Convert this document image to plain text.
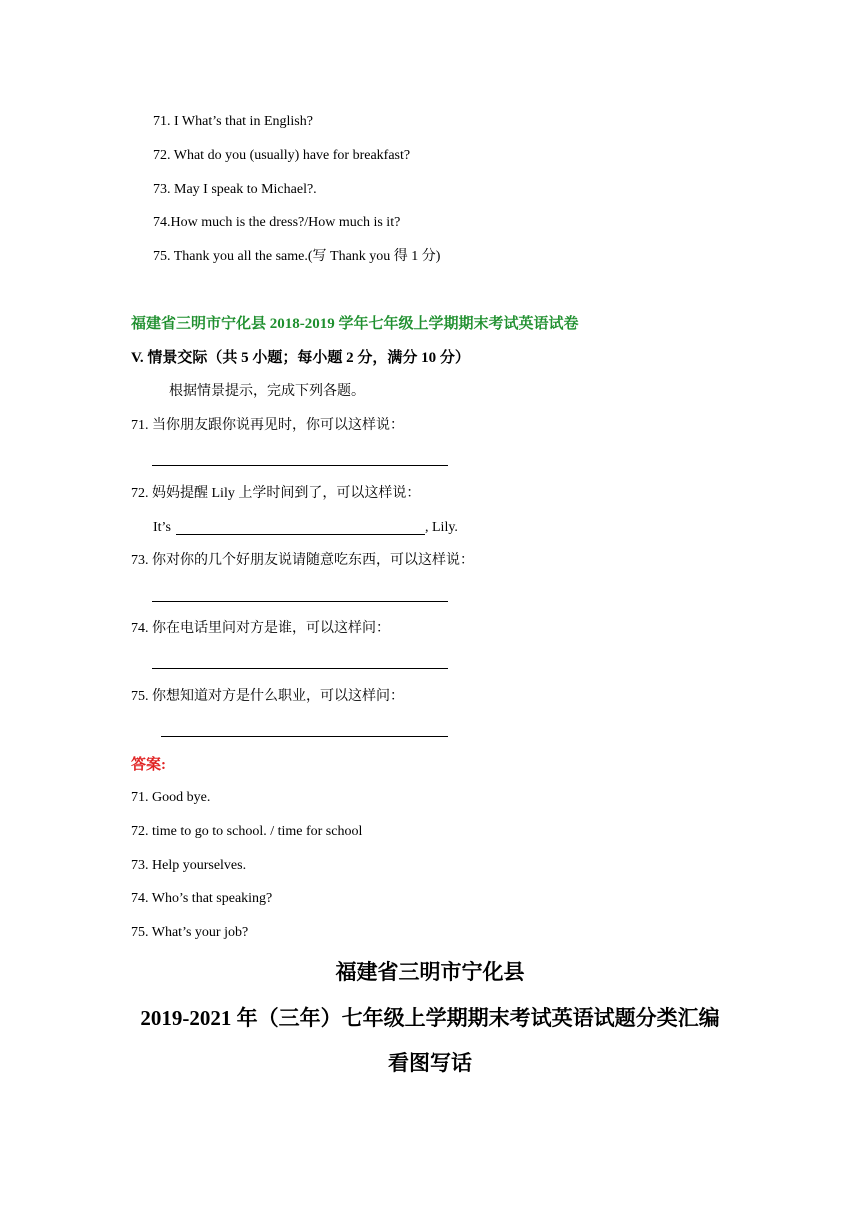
71. I What’s that in English?
72. What do you (usually) have for breakfast?
73. May I speak to Michael?.
74.How much is the dress?/How much is it?
75. Thank you all the same.(写 Thank you 得 1 分)
福建省三明市宁化县 2018-2019 学年七年级上学期期末考试英语试卷
V. 情景交际（共 5 小题；每小题 2 分，满分 10 分）
根据情景提示，完成下列各题。
71. 当你朋友跟你说再见时，你可以这样说：
72. 妈妈提醒 Lily 上学时间到了，可以这样说：
It’s	, Lily.
73. 你对你的几个好朋友说请随意吃东西，可以这样说：
74. 你在电话里问对方是谁，可以这样问：
75. 你想知道对方是什么职业，可以这样问：
答案:
71. Good bye.
72. time to go to school. / time for school
73. Help yourselves.
74. Who’s that speaking?
75. What’s your job?
福建省三明市宁化县
2019-2021 年（三年）七年级上学期期末考试英语试题分类汇编
看图写话
